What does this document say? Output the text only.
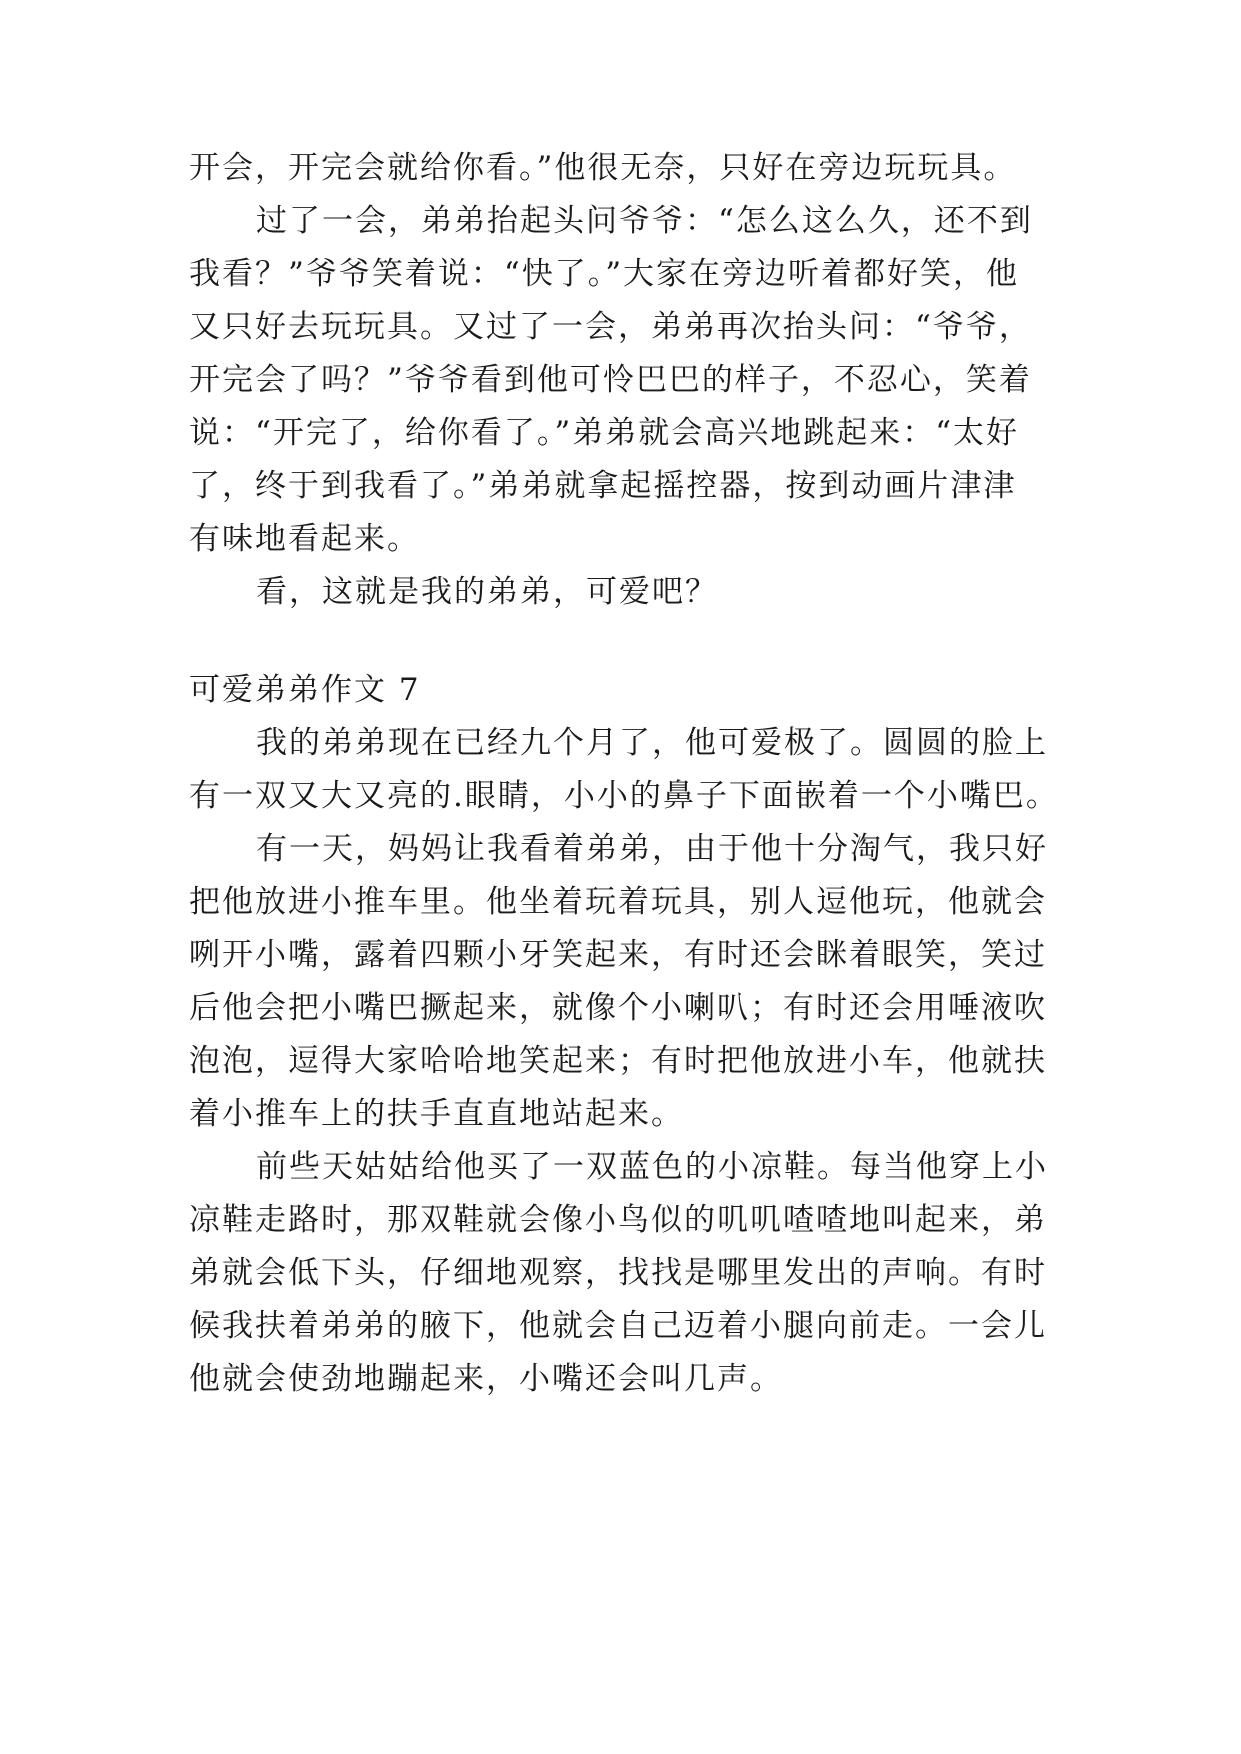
开会，开完会就给你看。”他很无奈，只好在旁边玩玩具。
过了一会，弟弟抬起头问爷爷：“怎么这么久，还不到
我看？”爷爷笑着说：“快了。”大家在旁边听着都好笑，他
又只好去玩玩具。又过了一会，弟弟再次抬头问：“爷爷，
开完会了吗？”爷爷看到他可怜巴巴的样子，不忍心，笑着
说：“开完了，给你看了。”弟弟就会高兴地跳起来：“太好
了，终于到我看了。”弟弟就拿起摇控器，按到动画片津津
有味地看起来。
看，这就是我的弟弟，可爱吧？
可爱弟弟作文 7
我的弟弟现在已经九个月了，他可爱极了。圆圆的脸上
有一双又大又亮的.眼睛，小小的鼻子下面嵌着一个小嘴巴。
有一天，妈妈让我看着弟弟，由于他十分淘气，我只好
把他放进小推车里。他坐着玩着玩具，别人逗他玩，他就会
咧开小嘴，露着四颗小牙笑起来，有时还会眯着眼笑，笑过
后他会把小嘴巴撅起来，就像个小喇叭；有时还会用唾液吹
泡泡，逗得大家哈哈地笑起来；有时把他放进小车，他就扶
着小推车上的扶手直直地站起来。
前些天姑姑给他买了一双蓝色的小凉鞋。每当他穿上小
凉鞋走路时，那双鞋就会像小鸟似的叽叽喳喳地叫起来，弟
弟就会低下头，仔细地观察，找找是哪里发出的声响。有时
候我扶着弟弟的腋下，他就会自己迈着小腿向前走。一会儿
他就会使劲地蹦起来，小嘴还会叫几声。
